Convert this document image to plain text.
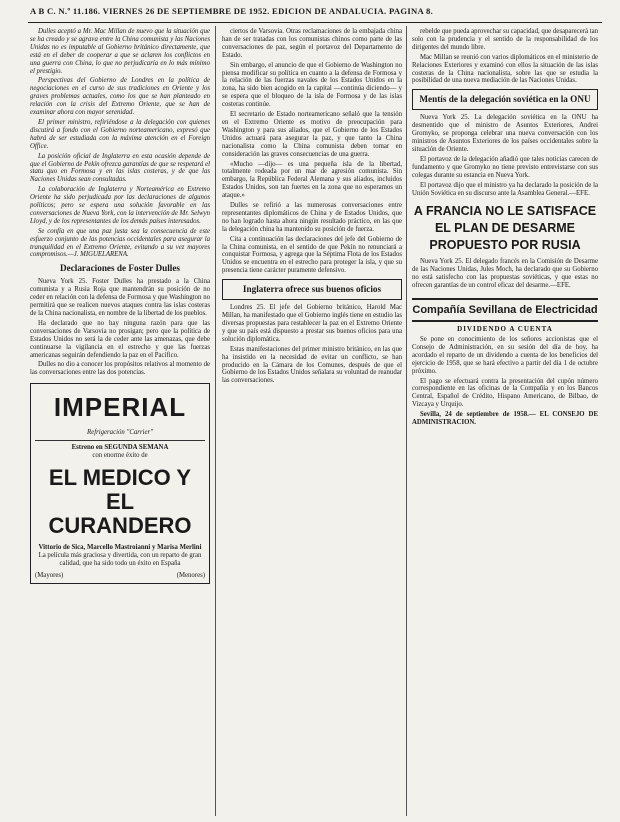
A B C. N.º 11.186. VIERNES 26 DE SEPTIEMBRE DE 1952. EDICION DE ANDALUCIA. PAGINA 8.

Dulles aceptó a Mr. Mac Millan de nuevo que la situación que se ha creado y se agrava entre la China comunista y las Naciones Unidas no es imputable al Gobierno británico directamente, que está en el deber de cooperar a que se aclaren los conflictos en una guerra con China, lo que no perjudicaría en lo más mínimo el prestigio.

Perspectivas del Gobierno de Londres en la política de negociaciones en el curso de sus tradiciones en Oriente y los graves problemas actuales, como los que se han planteado en relación con la crisis del Extremo Oriente, que se han de examinar ahora con mayor serenidad.

El primer ministro, refiriéndose a la delegación con quienes discutirá a fondo con el Gobierno norteamericano, expresó que habrá de ser estudiada con la máxima atención en el Foreign Office.

La posición oficial de Inglaterra en esta ocasión depende de que el Gobierno de Pekín ofrezca garantías de que se respetará el statu quo en Formosa y en las islas costeras, y de que las Naciones Unidas sean consultadas.

La colaboración de Inglaterra y Norteamérica en Extremo Oriente ha sido perjudicada por las declaraciones de algunos políticos; pero se espera una solución favorable en las conversaciones de Nueva York, con la intervención de Mr. Selwyn Lloyd, y de los representantes de los demás países interesados.

Se confía en que una paz justa sea la consecuencia de este esfuerzo conjunto de las potencias occidentales para asegurar la tranquilidad en el Extremo Oriente, evitando a su vez mayores compromisos.—J. MIGUELARENA.

Declaraciones de Foster Dulles

Nueva York 25. Foster Dulles ha prestado a la China comunista y a Rusia Roja que mantendrán su posición de no ceder en relación con la defensa de Formosa y que Washington no permitirá que se realicen nuevos ataques contra las islas costeras de la China nacionalista, en nombre de la libertad de los pueblos.

Ha declarado que no hay ninguna razón para que las conversaciones de Varsovia no prosigan; pero que la política de Estados Unidos no será la de ceder ante las amenazas, que debe continuarse la vigilancia en el estrecho y que las fuerzas americanas seguirán defendiendo la paz en el Pacífico.

Dulles no dio a conocer los propósitos relativos al momento de las conversaciones entre las dos potencias.

IMPERIAL
Refrigeración "Carrier"
Estreno en SEGUNDA SEMANA
con enorme éxito de
EL MEDICO Y EL CURANDERO
Vittorio de Sica, Marcello Mastroianni y Marisa Merlini
La película más graciosa y divertida, con un reparto de gran calidad, que ha sido todo un éxito en España
(Mayores)	(Menores)

ciertos de Varsovia. Otras reclamaciones de la embajada china han de ser tratadas con los comunistas chinos como parte de las conversaciones de paz, según el portavoz del Departamento de Estado.

Sin embargo, el anuncio de que el Gobierno de Washington no piensa modificar su política en cuanto a la defensa de Formosa y la relación de las fuerzas navales de los Estados Unidos en la zona, ha sido bien acogido en la capital —continúa diciendo— y se espera que el bloqueo de la isla de Formosa y de las islas costeras continúe.

El secretario de Estado norteamericano señaló que la tensión en el Extremo Oriente es motivo de preocupación para Washington y para sus aliados, que el Gobierno de los Estados Unidos actuará para asegurar la paz, y que tanto la China nacionalista como la China comunista deben tomar en consideración las graves consecuencias de una guerra.

«Mucho —dijo— es una pequeña isla de la libertad, totalmente rodeada por un mar de agresión comunista. Sin embargo, la República Federal Alemana y sus aliados, incluidos Estados Unidos, son tan fuertes en la zona que no esperamos un ataque.»

Dulles se refirió a las numerosas conversaciones entre representantes diplomáticos de China y de Estados Unidos, que no han logrado hasta ahora ningún resultado práctico, en las que la delegación china ha mantenido su posición de fuerza.

Cita a continuación las declaraciones del jefe del Gobierno de la China comunista, en el sentido de que Pekín no renunciará a conquistar Formosa, y agrega que la Séptima Flota de los Estados Unidos se encuentra en el estrecho para proteger la isla, y que su presencia tiene carácter puramente defensivo.

Inglaterra ofrece sus buenos oficios

Londres 25. El jefe del Gobierno británico, Harold Mac Millan, ha manifestado que el Gobierno inglés tiene en estudio las diversas propuestas para restablecer la paz en el Extremo Oriente y que su país está dispuesto a prestar sus buenos oficios para una solución diplomática.

Estas manifestaciones del primer ministro británico, en las que ha insistido en la necesidad de evitar un conflicto, se han producido en la Cámara de los Comunes, después de que el Gobierno de los Estados Unidos señalara su voluntad de reanudar las conversaciones.

rebelde que pueda aprovechar su capacidad, que desaparecerá tan solo con la prudencia y el sentido de la responsabilidad de los dirigentes del mundo libre.

Mac Millan se reunió con varios diplomáticos en el ministerio de Relaciones Exteriores y examinó con ellos la situación de las islas costeras de la China nacionalista, sobre las que se estudia la posibilidad de una nueva mediación de las Naciones Unidas.

Mentís de la delegación soviética en la ONU

Nueva York 25. La delegación soviética en la ONU ha desmentido que el ministro de Asuntos Exteriores, Andrei Gromyko, se proponga celebrar una nueva conversación con los ministros de Asuntos Exteriores de los países occidentales sobre la situación de Oriente.

El portavoz de la delegación añadió que tales noticias carecen de fundamento y que Gromyko no tiene previsto entrevistarse con sus colegas durante su estancia en Nueva York.

El portavoz dijo que el ministro ya ha declarado la posición de la Unión Soviética en su discurso ante la Asamblea General.—EFE.

A FRANCIA NO LE SATISFACE EL PLAN DE DESARME PROPUESTO POR RUSIA

Nueva York 25. El delegado francés en la Comisión de Desarme de las Naciones Unidas, Jules Moch, ha declarado que su Gobierno no está satisfecho con las propuestas soviéticas, y que estas no ofrecen garantías de un control eficaz del desarme.—EFE.

Compañía Sevillana de Electricidad
DIVIDENDO A CUENTA

Se pone en conocimiento de los señores accionistas que el Consejo de Administración, en su sesión del día de hoy, ha acordado el reparto de un dividendo a cuenta de los beneficios del ejercicio de 1958, que se hará efectivo a partir del día 1 de octubre próximo.

El pago se efectuará contra la presentación del cupón número correspondiente en las oficinas de la Compañía y en los Bancos Central, Español de Crédito, Hispano Americano, de Bilbao, de Vizcaya y Urquijo.

Sevilla, 24 de septiembre de 1958.— EL CONSEJO DE ADMINISTRACION.
